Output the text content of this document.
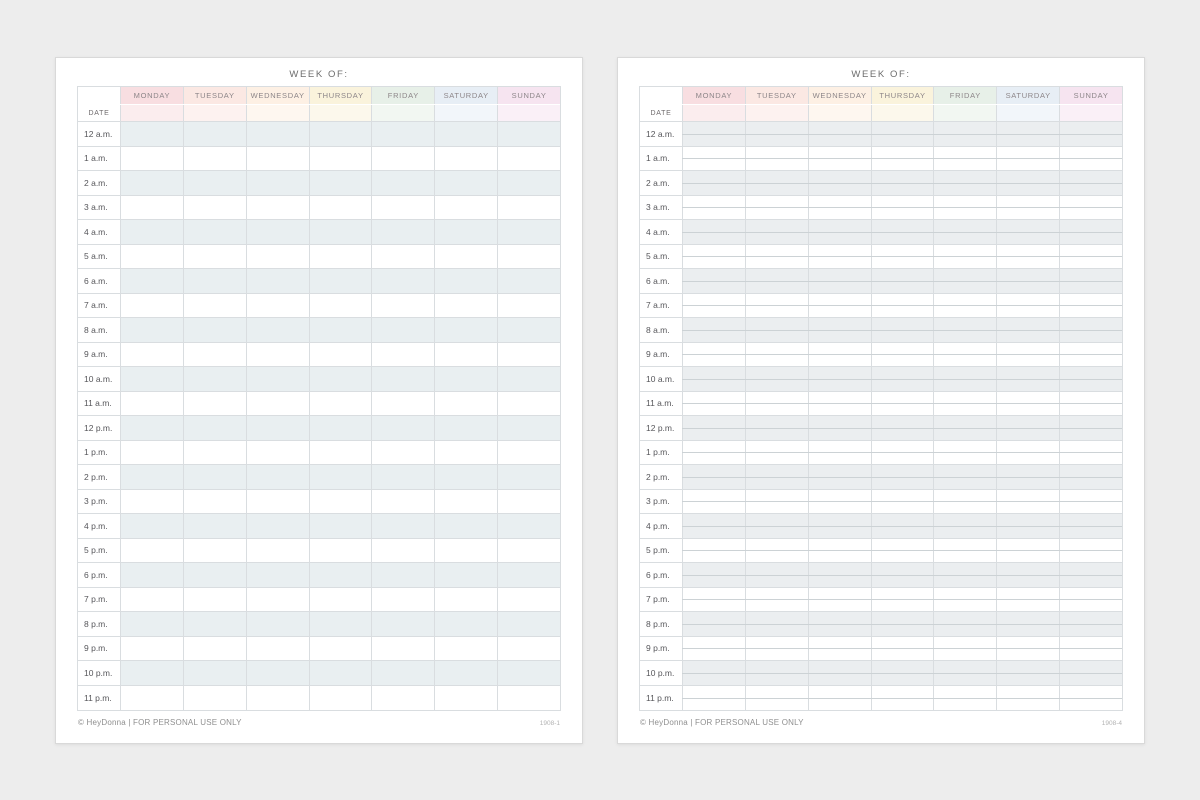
WEEK OF:
MONDAY	TUESDAY	WEDNESDAY	THURSDAY	FRIDAY	SATURDAY	SUNDAY
DATE
12 a.m.
1 a.m.
2 a.m.
3 a.m.
4 a.m.
5 a.m.
6 a.m.
7 a.m.
8 a.m.
9 a.m.
10 a.m.
11 a.m.
12 p.m.
1 p.m.
2 p.m.
3 p.m.
4 p.m.
5 p.m.
6 p.m.
7 p.m.
8 p.m.
9 p.m.
10 p.m.
11 p.m.
© HeyDonna | FOR PERSONAL USE ONLY	1908-1
WEEK OF:
MONDAY	TUESDAY	WEDNESDAY	THURSDAY	FRIDAY	SATURDAY	SUNDAY
DATE
12 a.m.
1 a.m.
2 a.m.
3 a.m.
4 a.m.
5 a.m.
6 a.m.
7 a.m.
8 a.m.
9 a.m.
10 a.m.
11 a.m.
12 p.m.
1 p.m.
2 p.m.
3 p.m.
4 p.m.
5 p.m.
6 p.m.
7 p.m.
8 p.m.
9 p.m.
10 p.m.
11 p.m.
© HeyDonna | FOR PERSONAL USE ONLY	1908-4
